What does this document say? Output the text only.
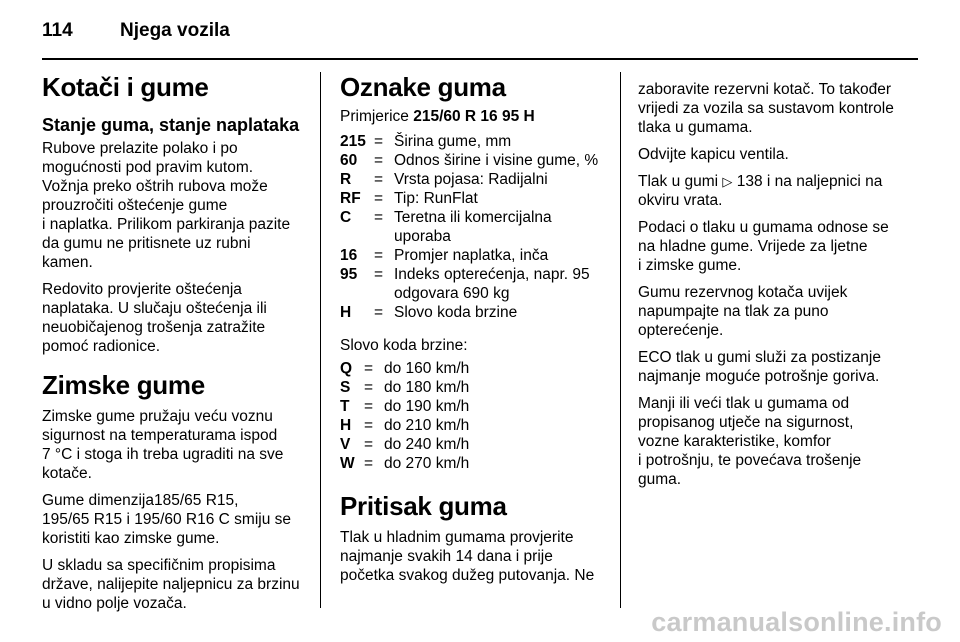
114 Njega vozila
Kotači i gume
Stanje guma, stanje naplataka

Rubove prelazite polako i po
mogućnosti pod pravim kutom.
Vožnja preko oštrih rubova može
prouzročiti oštećenje gume
i naplatka. Prilikom parkiranja pazite
da gumu ne pritisnete uz rubni
kamen.

Redovito provjerite oštećenja
naplataka. U slučaju oštećenja ili
neuobičajenog trošenja zatražite
pomoć radionice.

Zimske gume

Zimske gume pružaju veću voznu
sigurnost na temperaturama ispod
7 °C i stoga ih treba ugraditi na sve
kotače.

Gume dimenzija185/65 R15,
195/65 R15 i 195/60 R16 C smiju se
koristiti kao zimske gume.

U skladu sa specifičnim propisima
države, nalijepite naljepnicu za brzinu
u vidno polje vozača.

Oznake guma
Primjerice 215/60 R 16 95 H
215 = Širina gume, mm
60	= Odnos širine i visine gume, %
R	= Vrsta pojasa: Radijalni
RF = Tip: RunFlat
C	= Teretna ili komercijalna
uporaba
16	= Promjer naplatka, inča
95	= Indeks opterećenja, napr. 95
odgovara 690 kg
H	= Slovo koda brzine

Slovo koda brzine:

Q = do 160 km/h
S = do 180 km/h
T = do 190 km/h
H = do 210 km/h
V = do 240 km/h
W = do 270 km/h
Pritisak guma

Tlak u hladnim gumama provjerite
najmanje svakih 14 dana i prije
početka svakog dužeg putovanja. Ne

zaboravite rezervni kotač. To također
vrijedi za vozila sa sustavom kontrole
tlaka u gumama.

Odvijte kapicu ventila.

Tlak u gumi ▷ 138 i na naljepnici na
okviru vrata.

Podaci o tlaku u gumama odnose se
na hladne gume. Vrijede za ljetne
i zimske gume.

Gumu rezervnog kotača uvijek
napumpajte na tlak za puno
opterećenje.

ECO tlak u gumi služi za postizanje
najmanje moguće potrošnje goriva.

Manji ili veći tlak u gumama od
propisanog utječe na sigurnost,
vozne karakteristike, komfor
i potrošnju, te povećava trošenje
guma.

carmanualsonline.info
